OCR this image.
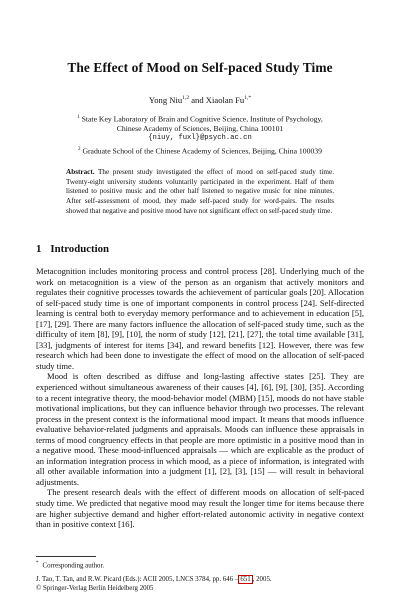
The Effect of Mood on Self-paced Study Time
Yong Niu$^{1,2}$ and Xiaolan $Fu^{1,*}$
$^1$ State Key Laboratory of Brain and Cognitive Science, Institute of Psychology,
Chinese Academy of Sciences, Beijing, China 100101
{niuy, fuxl}@psych.ac.cn
$^2$ Graduate School of the Chinese Academy of Sciences, Beijing, China 100039
Abstract. The present study investigated the effect of mood on self-paced study time. Twenty-eight university students voluntarily participated in the experiment. Half of them listened to positive music and the other half listened to negative music for nine minutes. After self-assessment of mood, they made self-paced study for word-pairs. The results showed that negative and positive mood have not significant effect on self-paced study time.
1 Introduction

Metacognition includes monitoring process and control process [28]. Underlying much of the work on metacognition is a view of the person as an organism that actively monitors and regulates their cognitive processes towards the achievement of particular goals [20]. Allocation of self-paced study time is one of important components in control process [24]. Self-directed learning is central both to everyday memory performance and to achievement in education [5], [17], [29]. There are many factors influence the allocation of self-paced study time, such as the difficulty of item [8], [9], [10], the norm of study [12], [21], [27], the total time available [31], [33], judgments of interest for items [34], and reward benefits [12]. However, there was few research which had been done to investigate the effect of mood on the allocation of self-paced study time.

Mood is often described as diffuse and long-lasting affective states [25]. They are experienced without simultaneous awareness of their causes [4], [6], [9], [30], [35]. According to a recent integrative theory, the mood-behavior model (MBM) [15], moods do not have stable motivational implications, but they can influence behavior through two processes. The relevant process in the present context is the informational mood impact. It means that moods influence evaluative behavior-related judgments and appraisals. Moods can influence these appraisals in terms of mood congruency effects in that people are more optimistic in a positive mood than in a negative mood. These mood-influenced appraisals — which are explicable as the product of an information integration process in which mood, as a piece of information, is integrated with all other available information into a judgment [1], [2], [3], [15] — will result in behavioral adjustments.

The present research deals with the effect of different moods on allocation of self-paced study time. We predicted that negative mood may result the longer time for items because there are higher subjective demand and higher effort-related autonomic activity in negative context than in positive context [16].

* Corresponding author.
J. Tao, T. Tan, and R.W. Picard (Eds.): ACII 2005, LNCS 3784, pp. 646 – 651 , 2005.
© Springer-Verlag Berlin Heidelberg 2005
